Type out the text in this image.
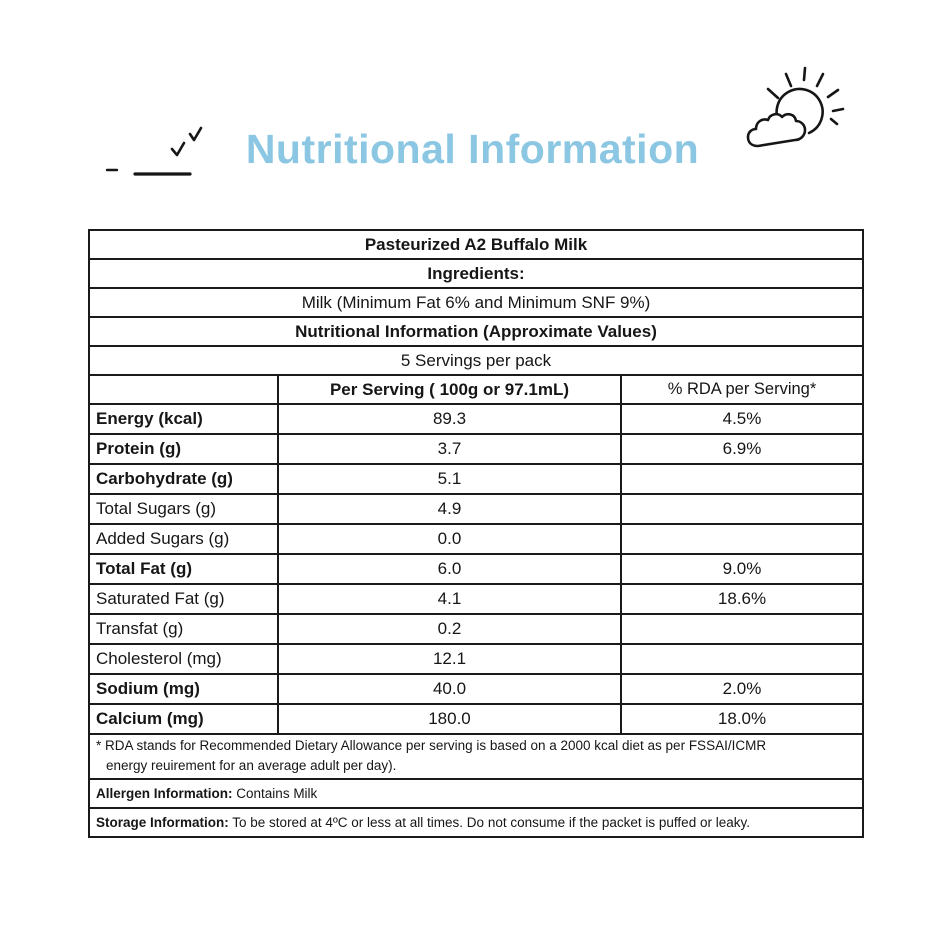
Nutritional Information
Pasteurized A2 Buffalo Milk		
Ingredients:		
Milk (Minimum Fat 6% and Minimum SNF 9%)		
Nutritional Information (Approximate Values)		
5 Servings per pack		
	Per Serving ( 100g or 97.1mL)	% RDA per Serving*
Energy (kcal)	89.3	4.5%
Protein (g)	3.7	6.9%
Carbohydrate (g)	5.1	
Total Sugars (g)	4.9	
Added Sugars (g)	0.0	
Total Fat (g)	6.0	9.0%
Saturated Fat (g)	4.1	18.6%
Transfat (g)	0.2	
Cholesterol (mg)	12.1	
Sodium (mg)	40.0	2.0%
Calcium (mg)	180.0	18.0%
* RDA stands for Recommended Dietary Allowance per serving is based on a 2000 kcal diet as per FSSAI/ICMR
energy reuirement for an average adult per day).		

Allergen Information: Contains Milk		
Storage Information: To be stored at 4ºC or less at all times. Do not consume if the packet is puffed or leaky.		
